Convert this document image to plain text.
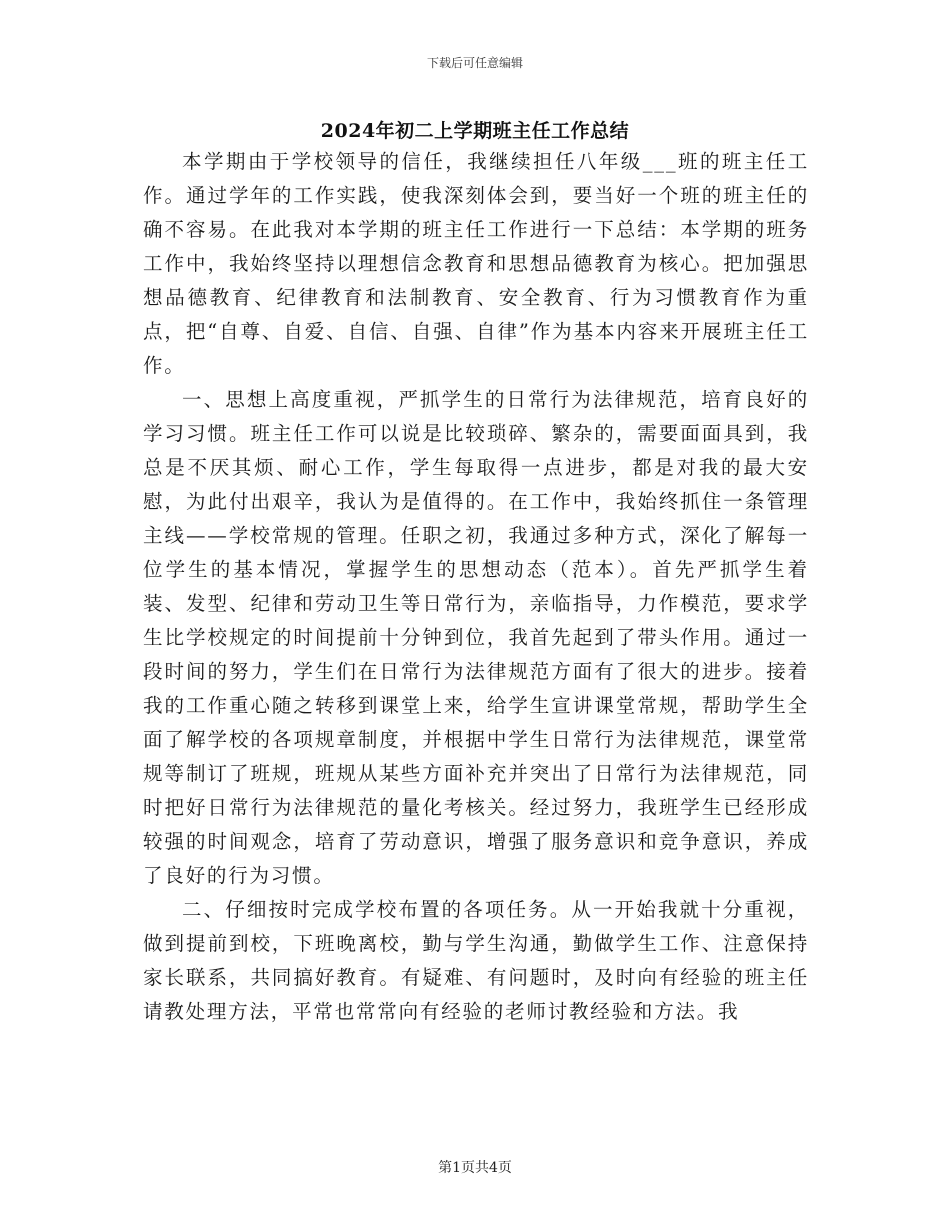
下载后可任意编辑
2024年初二上学期班主任工作总结

本学期由于学校领导的信任，我继续担任八年级___班的班主任工作。通过学年的工作实践，使我深刻体会到，要当好一个班的班主任的确不容易。在此我对本学期的班主任工作进行一下总结：本学期的班务工作中，我始终坚持以理想信念教育和思想品德教育为核心。把加强思想品德教育、纪律教育和法制教育、安全教育、行为习惯教育作为重点，把“自尊、自爱、自信、自强、自律”作为基本内容来开展班主任工作。

一、思想上高度重视，严抓学生的日常行为法律规范，培育良好的学习习惯。班主任工作可以说是比较琐碎、繁杂的，需要面面具到，我总是不厌其烦、耐心工作，学生每取得一点进步，都是对我的最大安慰，为此付出艰辛，我认为是值得的。在工作中，我始终抓住一条管理主线——学校常规的管理。任职之初，我通过多种方式，深化了解每一位学生的基本情况，掌握学生的思想动态（范本）。首先严抓学生着装、发型、纪律和劳动卫生等日常行为，亲临指导，力作模范，要求学生比学校规定的时间提前十分钟到位，我首先起到了带头作用。通过一段时间的努力，学生们在日常行为法律规范方面有了很大的进步。接着我的工作重心随之转移到课堂上来，给学生宣讲课堂常规，帮助学生全面了解学校的各项规章制度，并根据中学生日常行为法律规范，课堂常规等制订了班规，班规从某些方面补充并突出了日常行为法律规范，同时把好日常行为法律规范的量化考核关。经过努力，我班学生已经形成较强的时间观念，培育了劳动意识，增强了服务意识和竞争意识，养成了良好的行为习惯。

二、仔细按时完成学校布置的各项任务。从一开始我就十分重视，做到提前到校，下班晚离校，勤与学生沟通，勤做学生工作、注意保持家长联系，共同搞好教育。有疑难、有问题时，及时向有经验的班主任请教处理方法，平常也常常向有经验的老师讨教经验和方法。我

第1页共4页
